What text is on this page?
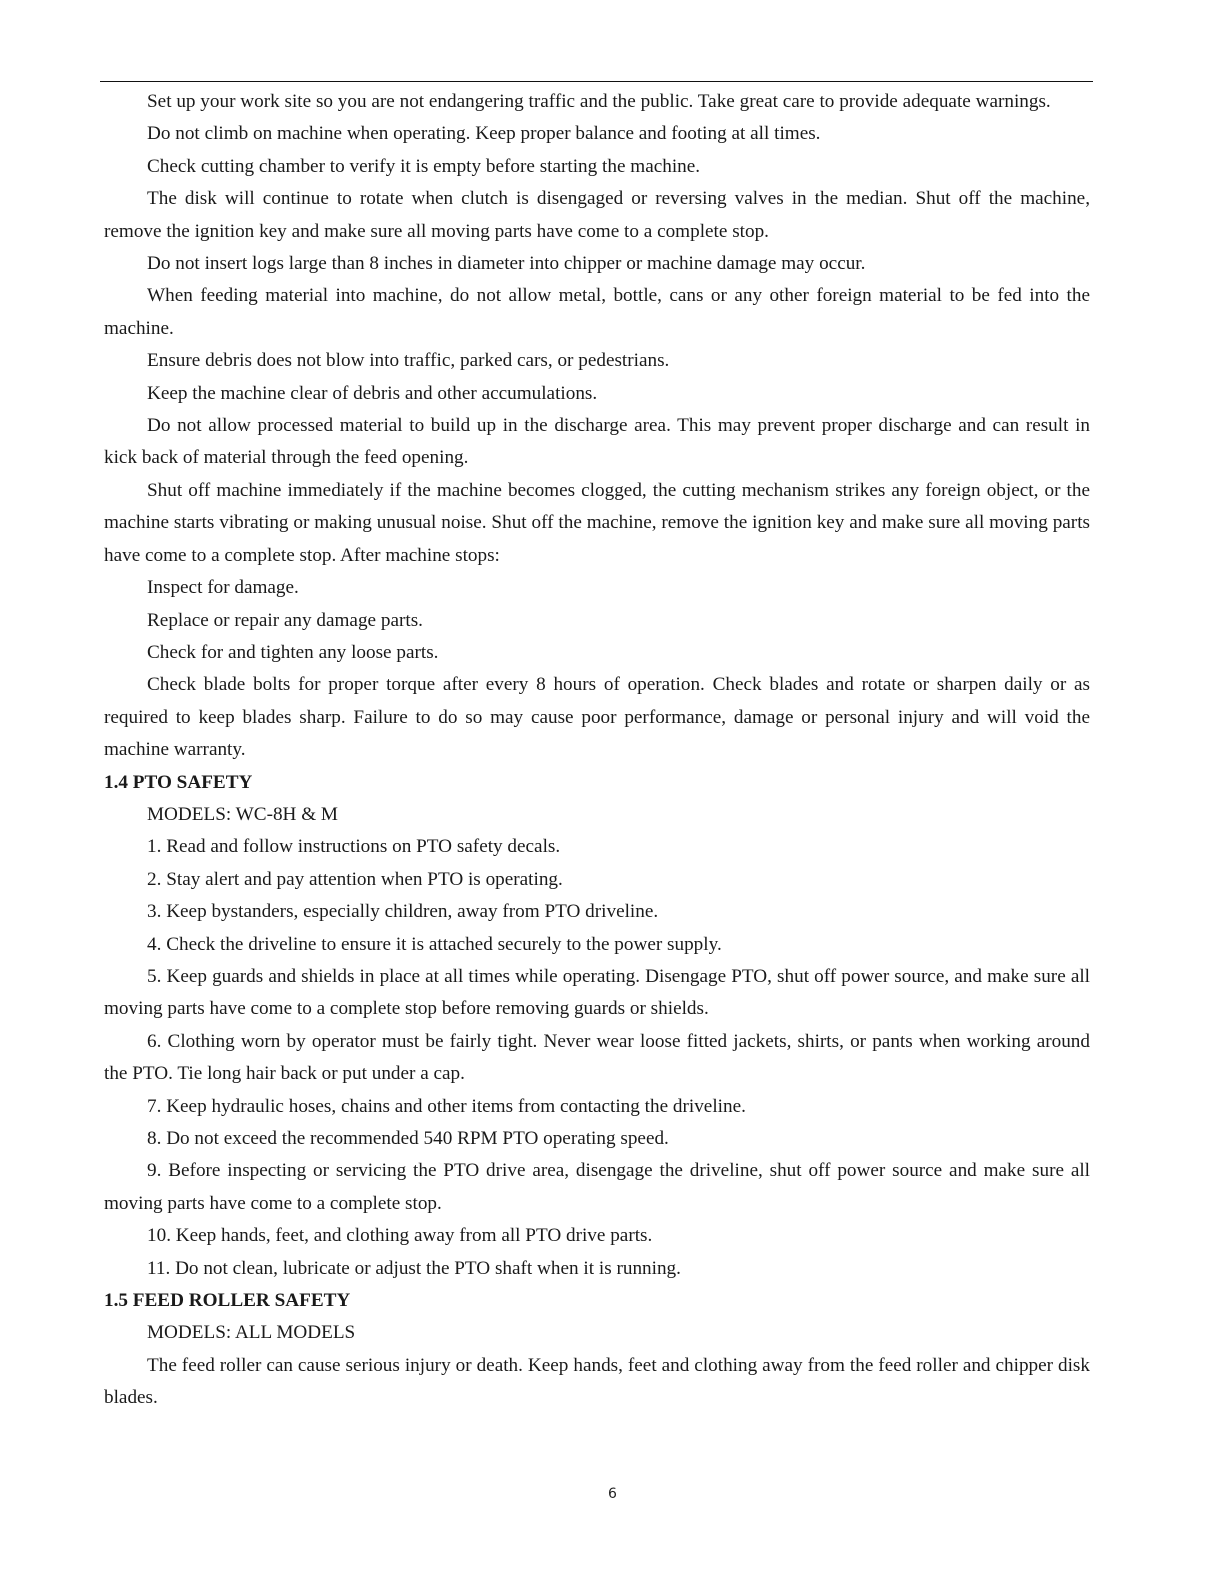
Set up your work site so you are not endangering traffic and the public. Take great care to provide adequate warnings.

Do not climb on machine when operating. Keep proper balance and footing at all times.

Check cutting chamber to verify it is empty before starting the machine.

The disk will continue to rotate when clutch is disengaged or reversing valves in the median. Shut off the machine, remove the ignition key and make sure all moving parts have come to a complete stop.

Do not insert logs large than 8 inches in diameter into chipper or machine damage may occur.

When feeding material into machine, do not allow metal, bottle, cans or any other foreign material to be fed into the machine.

Ensure debris does not blow into traffic, parked cars, or pedestrians.

Keep the machine clear of debris and other accumulations.

Do not allow processed material to build up in the discharge area. This may prevent proper discharge and can result in kick back of material through the feed opening.

Shut off machine immediately if the machine becomes clogged, the cutting mechanism strikes any foreign object, or the machine starts vibrating or making unusual noise. Shut off the machine, remove the ignition key and make sure all moving parts have come to a complete stop. After machine stops:

Inspect for damage.

Replace or repair any damage parts.

Check for and tighten any loose parts.

Check blade bolts for proper torque after every 8 hours of operation. Check blades and rotate or sharpen daily or as required to keep blades sharp. Failure to do so may cause poor performance, damage or personal injury and will void the machine warranty.

1.4 PTO SAFETY

MODELS: WC-8H & M

1. Read and follow instructions on PTO safety decals.

2. Stay alert and pay attention when PTO is operating.

3. Keep bystanders, especially children, away from PTO driveline.

4. Check the driveline to ensure it is attached securely to the power supply.

5. Keep guards and shields in place at all times while operating. Disengage PTO, shut off power source, and make sure all moving parts have come to a complete stop before removing guards or shields.

6. Clothing worn by operator must be fairly tight. Never wear loose fitted jackets, shirts, or pants when working around the PTO. Tie long hair back or put under a cap.

7. Keep hydraulic hoses, chains and other items from contacting the driveline.

8. Do not exceed the recommended 540 RPM PTO operating speed.

9. Before inspecting or servicing the PTO drive area, disengage the driveline, shut off power source and make sure all moving parts have come to a complete stop.

10. Keep hands, feet, and clothing away from all PTO drive parts.

11. Do not clean, lubricate or adjust the PTO shaft when it is running.

1.5 FEED ROLLER SAFETY

MODELS: ALL MODELS

The feed roller can cause serious injury or death. Keep hands, feet and clothing away from the feed roller and chipper disk blades.

6
